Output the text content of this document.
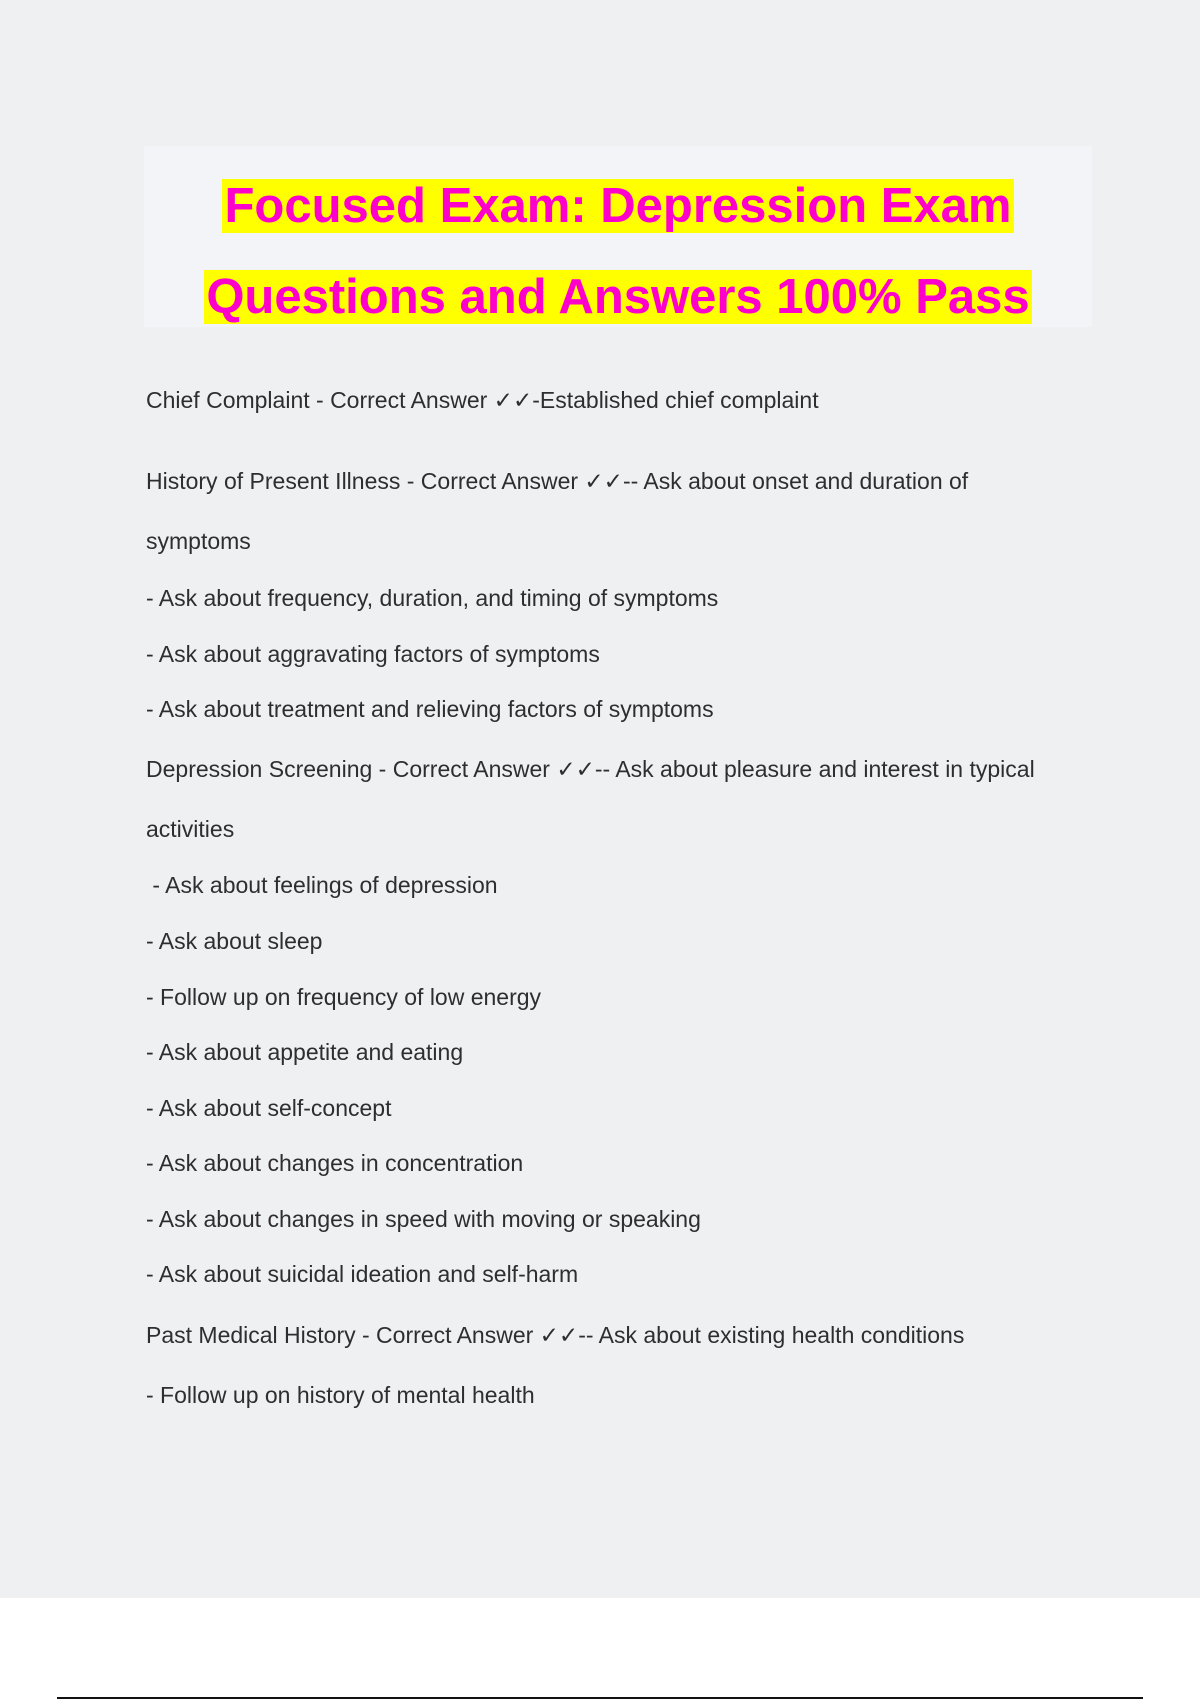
Focused Exam: Depression Exam
Questions and Answers 100% Pass
Chief Complaint - Correct Answer ✓✓-Established chief complaint
History of Present Illness - Correct Answer ✓✓-- Ask about onset and duration of
symptoms
- Ask about frequency, duration, and timing of symptoms
- Ask about aggravating factors of symptoms
- Ask about treatment and relieving factors of symptoms
Depression Screening - Correct Answer ✓✓-- Ask about pleasure and interest in typical
activities
- Ask about feelings of depression
- Ask about sleep
- Follow up on frequency of low energy
- Ask about appetite and eating
- Ask about self-concept
- Ask about changes in concentration
- Ask about changes in speed with moving or speaking
- Ask about suicidal ideation and self-harm
Past Medical History - Correct Answer ✓✓-- Ask about existing health conditions
- Follow up on history of mental health
